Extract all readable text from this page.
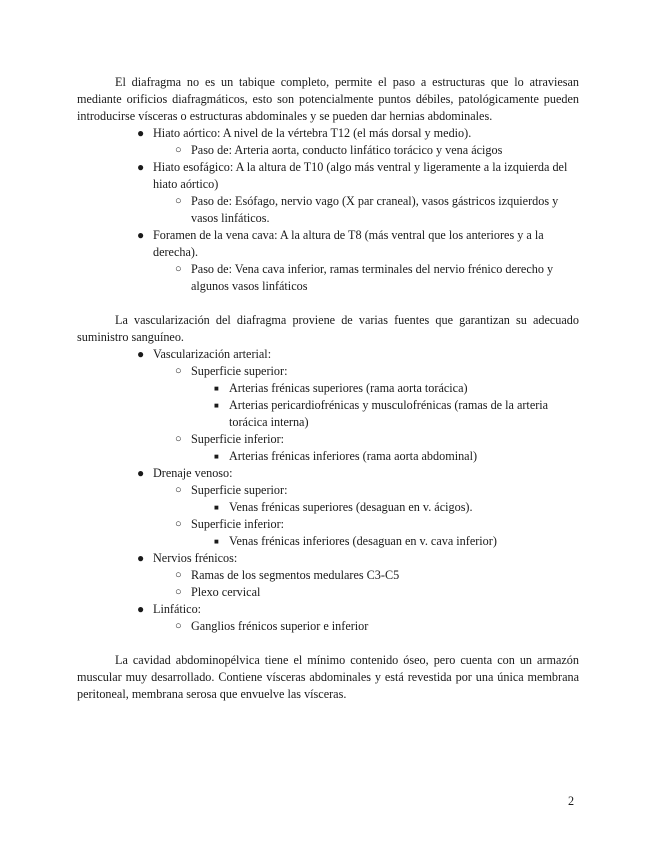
El diafragma no es un tabique completo, permite el paso a estructuras que lo atraviesan mediante orificios diafragmáticos, esto son potencialmente puntos débiles, patológicamente pueden introducirse vísceras o estructuras abdominales y se pueden dar hernias abdominales.

● Hiato aórtico: A nivel de la vértebra T12 (el más dorsal y medio).
○ Paso de: Arteria aorta, conducto linfático torácico y vena ácigos
● Hiato esofágico: A la altura de T10 (algo más ventral y ligeramente a la izquierda del hiato aórtico)
○ Paso de: Esófago, nervio vago (X par craneal), vasos gástricos izquierdos y vasos linfáticos.
● Foramen de la vena cava: A la altura de T8 (más ventral que los anteriores y a la derecha).
○ Paso de: Vena cava inferior, ramas terminales del nervio frénico derecho y algunos vasos linfáticos

La vascularización del diafragma proviene de varias fuentes que garantizan su adecuado suministro sanguíneo.

● Vascularización arterial:
○ Superficie superior:
■ Arterias frénicas superiores (rama aorta torácica)
■ Arterias pericardiofrénicas y musculofrénicas (ramas de la arteria torácica interna)
○ Superficie inferior:
■ Arterias frénicas inferiores (rama aorta abdominal)
● Drenaje venoso:
○ Superficie superior:
■ Venas frénicas superiores (desaguan en v. ácigos).
○ Superficie inferior:
■ Venas frénicas inferiores (desaguan en v. cava inferior)
● Nervios frénicos:
○ Ramas de los segmentos medulares C3-C5
○ Plexo cervical
● Linfático:
○ Ganglios frénicos superior e inferior

La cavidad abdominopélvica tiene el mínimo contenido óseo, pero cuenta con un armazón muscular muy desarrollado. Contiene vísceras abdominales y está revestida por una única membrana peritoneal, membrana serosa que envuelve las vísceras.

2
